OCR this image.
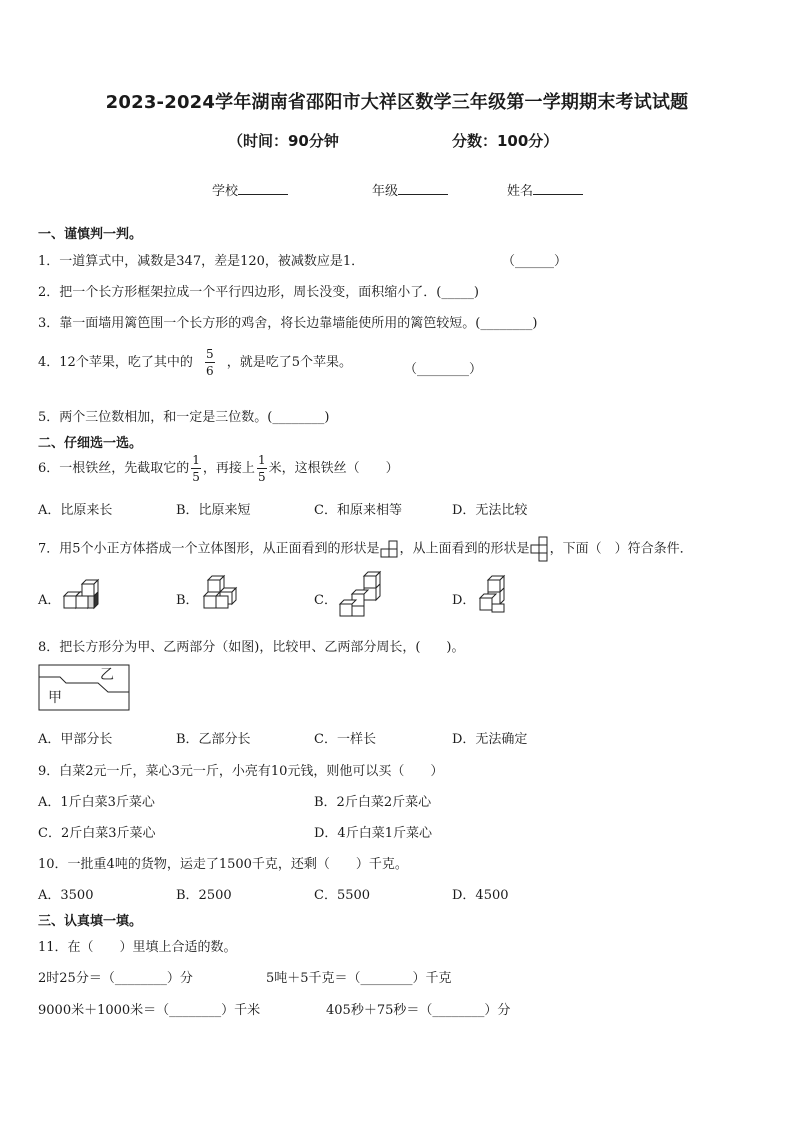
2023-2024学年湖南省邵阳市大祥区数学三年级第一学期期末考试试题
（时间：90分钟	分数：100分）
学校	年级	姓名
一、谨慎判一判。
1．一道算式中，减数是347，差是120，被减数应是1．	（______）
2．把一个长方形框架拉成一个平行四边形，周长没变，面积缩小了．(_____)
3．靠一面墙用篱笆围一个长方形的鸡舍，将长边靠墙能使所用的篱笆较短。(________)
4．12个苹果，吃了其中的 $\frac{5}{6}$ ，就是吃了5个苹果。	（________）
5．两个三位数相加，和一定是三位数。(________)
二、仔细选一选。
6．一根铁丝，先截取它的 $\frac{1}{5}$ ，再接上 $\frac{1}{5}$ 米，这根铁丝（　　）
A．比原来长	B．比原来短	C．和原来相等	D．无法比较
7．用5个小正方体搭成一个立体图形，从正面看到的形状是 ，从上面看到的形状是 ，下面（　）符合条件．
A．	B．	C．	D．
8．把长方形分为甲、乙两部分（如图)，比较甲、乙两部分周长，(　　)。
甲
乙
A．甲部分长	B．乙部分长	C．一样长	D．无法确定
9．白菜2元一斤，菜心3元一斤，小亮有10元钱，则他可以买（　　）
A．1斤白菜3斤菜心	B．2斤白菜2斤菜心
C．2斤白菜3斤菜心	D．4斤白菜1斤菜心
10．一批重4吨的货物，运走了1500千克，还剩（　　）千克。
A．3500	B．2500	C．5500	D．4500
三、认真填一填。
11．在（　　）里填上合适的数。
2时25分＝（________）分	5吨＋5千克＝（________）千克
9000米＋1000米＝（________）千米	405秒＋75秒＝（________）分
